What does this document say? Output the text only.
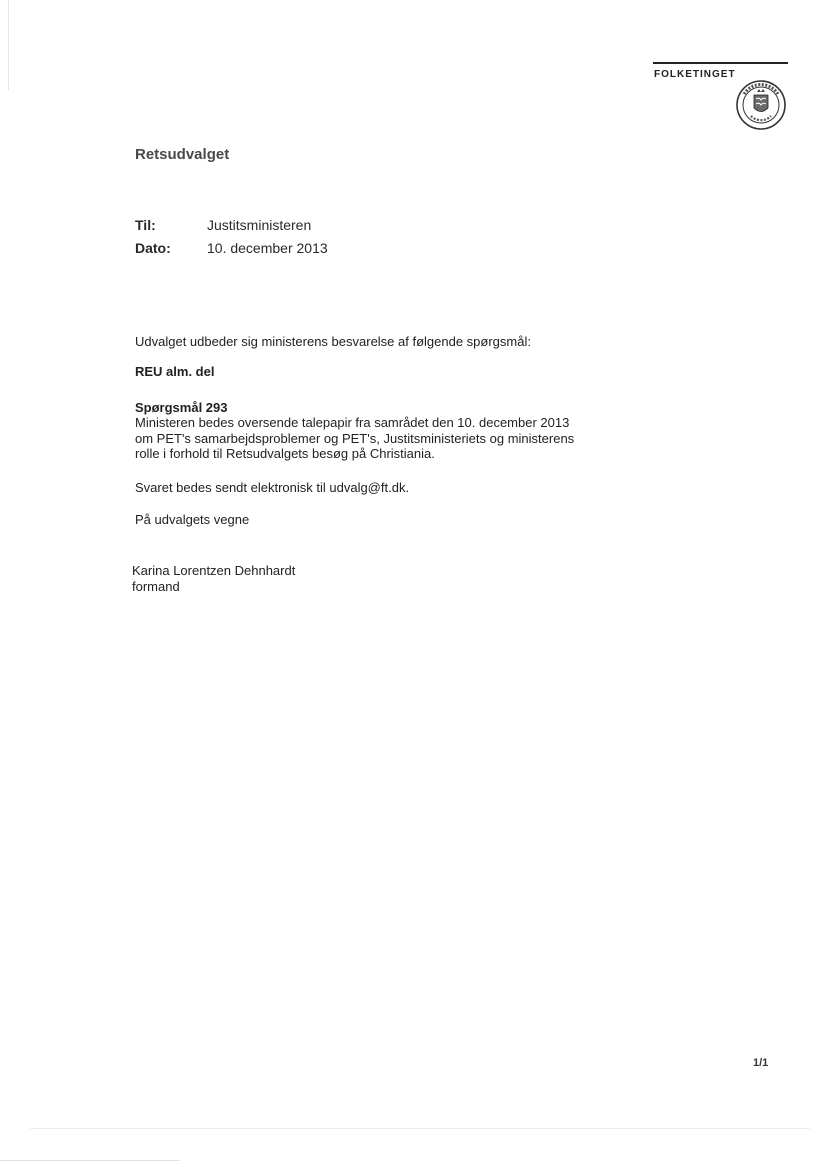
FOLKETINGET
Retsudvalget
Til:	Justitsministeren
Dato:	10. december 2013
Udvalget udbeder sig ministerens besvarelse af følgende spørgsmål:
REU alm. del
Spørgsmål 293
Ministeren bedes oversende talepapir fra samrådet den 10. december 2013
om PET's samarbejdsproblemer og PET's, Justitsministeriets og ministerens
rolle i forhold til Retsudvalgets besøg på Christiania.
Svaret bedes sendt elektronisk til udvalg@ft.dk.
På udvalgets vegne
Karina Lorentzen Dehnhardt
formand
1/1
